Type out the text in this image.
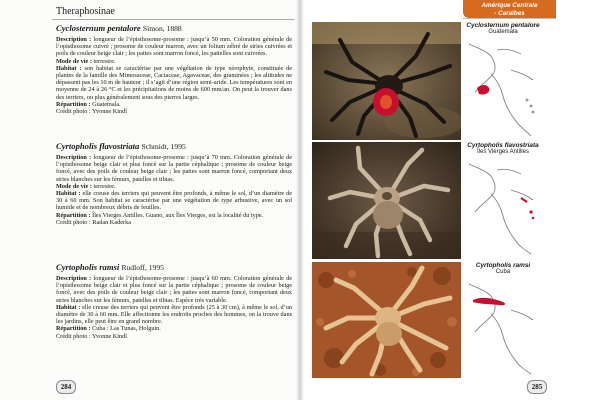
Theraphosinae
Cyclosternum pentalore Simon, 1888

Description : longueur de l’épisthosome-prosome : jusqu’à 50 mm. Coloration générale de l’opisthosome cuivré ; prosome de couleur marron, avec un folium zébré de stries cuivrées et poils de couleur beige clair ; les pattes sont marron foncé, les pattelles sont cuivrées.

Mode de vie : terrestre.

Habitat : son habitat se caractérise par une végétation de type xérophyte, constituée de plantes de la famille des Mimosaceae, Cactaceae, Agavaceae, des graminées ; les altitudes ne dépassent pas les 10 m de hauteur ; il s’agit d’une région semi-aride. Les températures sont en moyenne de 24 à 26 °C et les précipitations de moins de 600 mm/an. On peut la trouver dans des terriers, ou plus généralement sous des pierres larges.

Répartition : Guatemala.

Crédit photo : Yvonne Kindl

Cyrtopholis flavostriata Schmidt, 1995

Description : longueur de l’épisthosome-prosome : jusqu’à 70 mm. Coloration générale de l’opisthosome beige clair et plus foncé sur la partie céphalique ; prosome de couleur beige foncé, avec des poils de couleur beige clair ; les pattes sont marron foncé, comportant deux stries blanches sur les fémurs, patelles et tibias.

Mode de vie : terrestre.

Habitat : elle creuse des terriers qui peuvent être profonds, à même le sol, d’un diamètre de 30 à 60 mm. Son habitat se caractérise par une végétation de type arbustive, avec un sol humide et de nombreux débris de feuilles.

Répartition : Îles Vierges Antilles. Guano, aux Îles Vierges, est la localité du type.

Crédit photo : Radan Kaderka

Cyrtopholis ramsi Rudloff, 1995

Description : longueur de l’épisthosome-prosome : jusqu’à 60 mm. Coloration générale de l’opisthosome beige clair et plus foncé sur la partie céphalique ; prosome de couleur beige foncé, avec des poils de couleur beige clair ; les pattes sont marron foncé, comportant deux stries blanches sur les fémurs, patelles et tibias. Espèce très variable.

Habitat : elle creuse des terriers qui peuvent être profonds (25 à 30 cm), à même le sol, d’un diamètre de 30 à 60 mm. Elle affectionne les endroits proches des hommes, on la trouve dans les jardins, elle peut être en grand nombre.

Répartition : Cuba : Las Tunas, Holguin.

Crédit photo : Yvonne Kindl

284
Amérique Centrale
- Caraïbes
Cyclosternum pentalore
Guatemala
Cyrtopholis flavostriata
Îles Vierges Antilles
Cyrtopholis ramsi
Cuba
285
